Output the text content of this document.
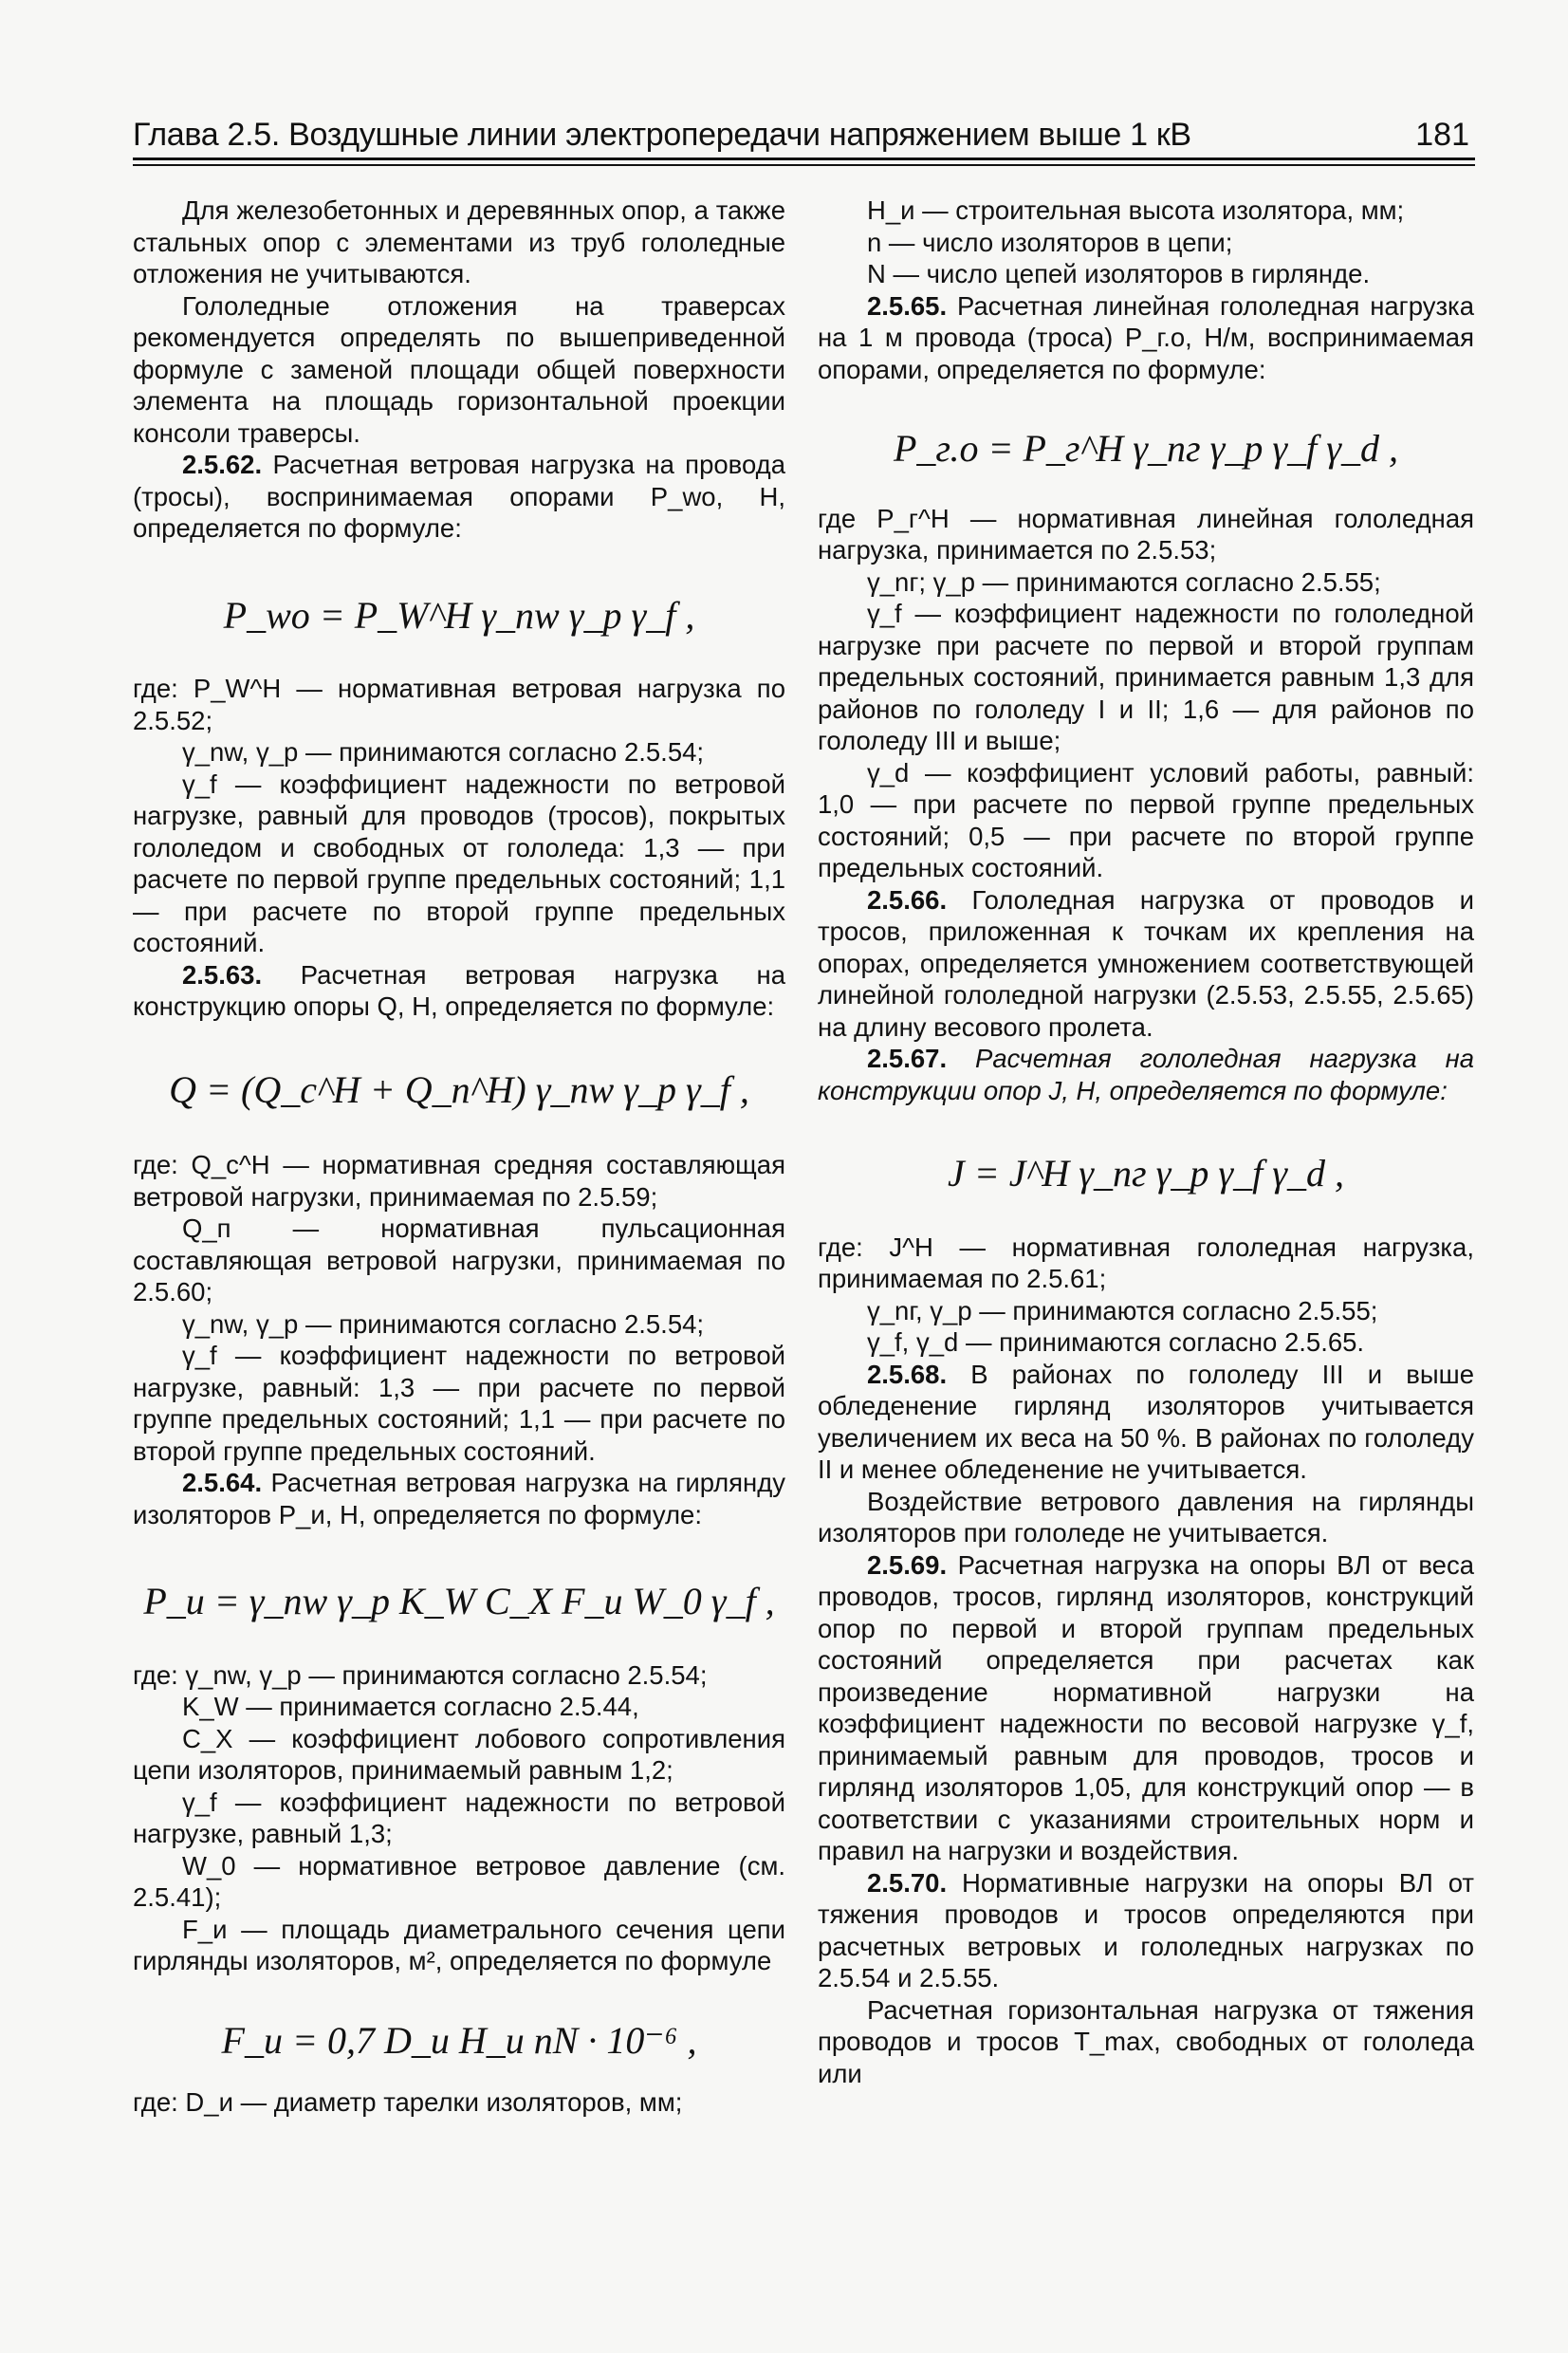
Глава 2.5. Воздушные линии электропередачи напряжением выше 1 кВ	181

Для железобетонных и деревянных опор, а также стальных опор с элементами из труб гололедные отложения не учитываются.

Гололедные отложения на траверсах рекомендуется определять по вышеприведенной формуле с заменой площади общей поверхности элемента на площадь горизонтальной проекции консоли траверсы.

2.5.62. Расчетная ветровая нагрузка на провода (тросы), воспринимаемая опорами P_wo, H, определяется по формуле:

P_wo = P_W^Н γ_nw γ_р γ_f ,

где: P_W^Н — нормативная ветровая нагрузка по 2.5.52;

γ_nw, γ_р — принимаются согласно 2.5.54;

γ_f — коэффициент надежности по ветровой нагрузке, равный для проводов (тросов), покрытых гололедом и свободных от гололеда: 1,3 — при расчете по первой группе предельных состояний; 1,1 — при расчете по второй группе предельных состояний.

2.5.63. Расчетная ветровая нагрузка на конструкцию опоры Q, H, определяется по формуле:

Q = (Q_с^Н + Q_п^Н) γ_nw γ_р γ_f ,

где: Q_с^Н — нормативная средняя составляющая ветровой нагрузки, принимаемая по 2.5.59;

Q_п — нормативная пульсационная составляющая ветровой нагрузки, принимаемая по 2.5.60;

γ_nw, γ_р — принимаются согласно 2.5.54;

γ_f — коэффициент надежности по ветровой нагрузке, равный: 1,3 — при расчете по первой группе предельных состояний; 1,1 — при расчете по второй группе предельных состояний.

2.5.64. Расчетная ветровая нагрузка на гирлянду изоляторов P_и, H, определяется по формуле:

P_и = γ_nw γ_р K_W C_X F_и W_0 γ_f ,

где: γ_nw, γ_р — принимаются согласно 2.5.54;

K_W — принимается согласно 2.5.44,

C_X — коэффициент лобового сопротивления цепи изоляторов, принимаемый равным 1,2;

γ_f — коэффициент надежности по ветровой нагрузке, равный 1,3;

W_0 — нормативное ветровое давление (см. 2.5.41);

F_и — площадь диаметрального сечения цепи гирлянды изоляторов, м², определяется по формуле

F_и = 0,7 D_и H_и nN · 10⁻⁶ ,

где: D_и — диаметр тарелки изоляторов, мм;

H_и — строительная высота изолятора, мм;

n — число изоляторов в цепи;

N — число цепей изоляторов в гирлянде.

2.5.65. Расчетная линейная гололедная нагрузка на 1 м провода (троса) P_г.о, Н/м, воспринимаемая опорами, определяется по формуле:

P_г.о = P_г^Н γ_nг γ_р γ_f γ_d ,

где P_г^Н — нормативная линейная гололедная нагрузка, принимается по 2.5.53;

γ_nг; γ_р — принимаются согласно 2.5.55;

γ_f — коэффициент надежности по гололедной нагрузке при расчете по первой и второй группам предельных состояний, принимается равным 1,3 для районов по гололеду I и II; 1,6 — для районов по гололеду III и выше;

γ_d — коэффициент условий работы, равный: 1,0 — при расчете по первой группе предельных состояний; 0,5 — при расчете по второй группе предельных состояний.

2.5.66. Гололедная нагрузка от проводов и тросов, приложенная к точкам их крепления на опорах, определяется умножением соответствующей линейной гололедной нагрузки (2.5.53, 2.5.55, 2.5.65) на длину весового пролета.

2.5.67. Расчетная гололедная нагрузка на конструкции опор J, H, определяется по формуле:

J = J^H γ_nг γ_р γ_f γ_d ,

где: J^Н — нормативная гололедная нагрузка, принимаемая по 2.5.61;

γ_nг, γ_р — принимаются согласно 2.5.55;

γ_f, γ_d — принимаются согласно 2.5.65.

2.5.68. В районах по гололеду III и выше обледенение гирлянд изоляторов учитывается увеличением их веса на 50 %. В районах по гололеду II и менее обледенение не учитывается.

Воздействие ветрового давления на гирлянды изоляторов при гололеде не учитывается.

2.5.69. Расчетная нагрузка на опоры ВЛ от веса проводов, тросов, гирлянд изоляторов, конструкций опор по первой и второй группам предельных состояний определяется при расчетах как произведение нормативной нагрузки на коэффициент надежности по весовой нагрузке γ_f, принимаемый равным для проводов, тросов и гирлянд изоляторов 1,05, для конструкций опор — в соответствии с указаниями строительных норм и правил на нагрузки и воздействия.

2.5.70. Нормативные нагрузки на опоры ВЛ от тяжения проводов и тросов определяются при расчетных ветровых и гололедных нагрузках по 2.5.54 и 2.5.55.

Расчетная горизонтальная нагрузка от тяжения проводов и тросов T_max, свободных от гололеда или
